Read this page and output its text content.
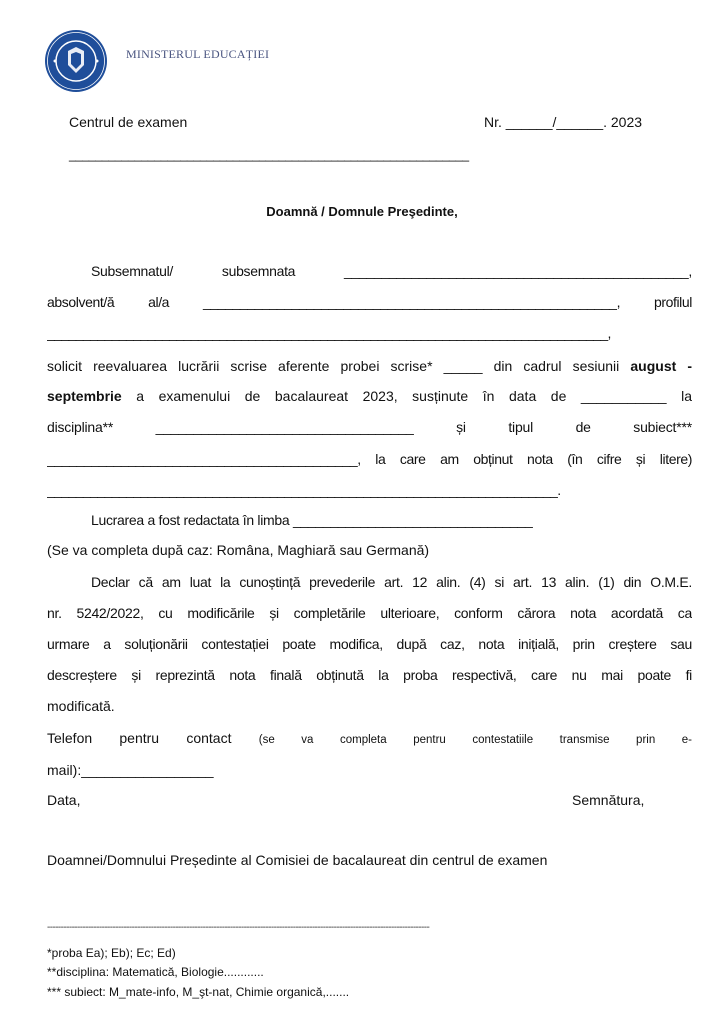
MINISTERUL EDUCAȚIEI
Centrul de examen	Nr. ______/______. 2023
_____________________________________________________________
Doamnă / Domnule Preşedinte,
Subsemnatul/ subsemnata ______________________________________________,
absolvent/ă al/a ________________________________________________________, profilul
______________________________________________________________________________,
solicit reevaluarea lucrării scrise aferente probei scrise* _____ din cadrul sesiunii august -
septembrie a examenului de bacalaureat 2023, susținute în data de ___________ la
disciplina** __________________________________ și tipul de subiect***
__________________________________________, la care am obținut nota (în cifre și litere)
_______________________________________________________________________.
Lucrarea a fost redactata în limba ________________________________
(Se va completa după caz: Româna, Maghiară sau Germană)
Declar că am luat la cunoștință prevederile art. 12 alin. (4) si art. 13 alin. (1) din O.M.E.
nr. 5242/2022, cu modificările și completările ulterioare, conform cărora nota acordată ca
urmare a soluționării contestației poate modifica, după caz, nota inițială, prin creștere sau
descreștere și reprezintă nota finală obținută la proba respectivă, care nu mai poate fi
modificată.
Telefon pentru contact (se va completa pentru contestatiile transmise prin e-
mail):_________________
Data,	Semnătura,
Doamnei/Domnului Președinte al Comisiei de bacalaureat din centrul de examen
--------------------------------------------------------------------------------------------------------------------------------------------
*proba Ea); Eb); Ec; Ed)
**disciplina: Matematică, Biologie............
*** subiect: M_mate-info, M_şt-nat, Chimie organică,.......
